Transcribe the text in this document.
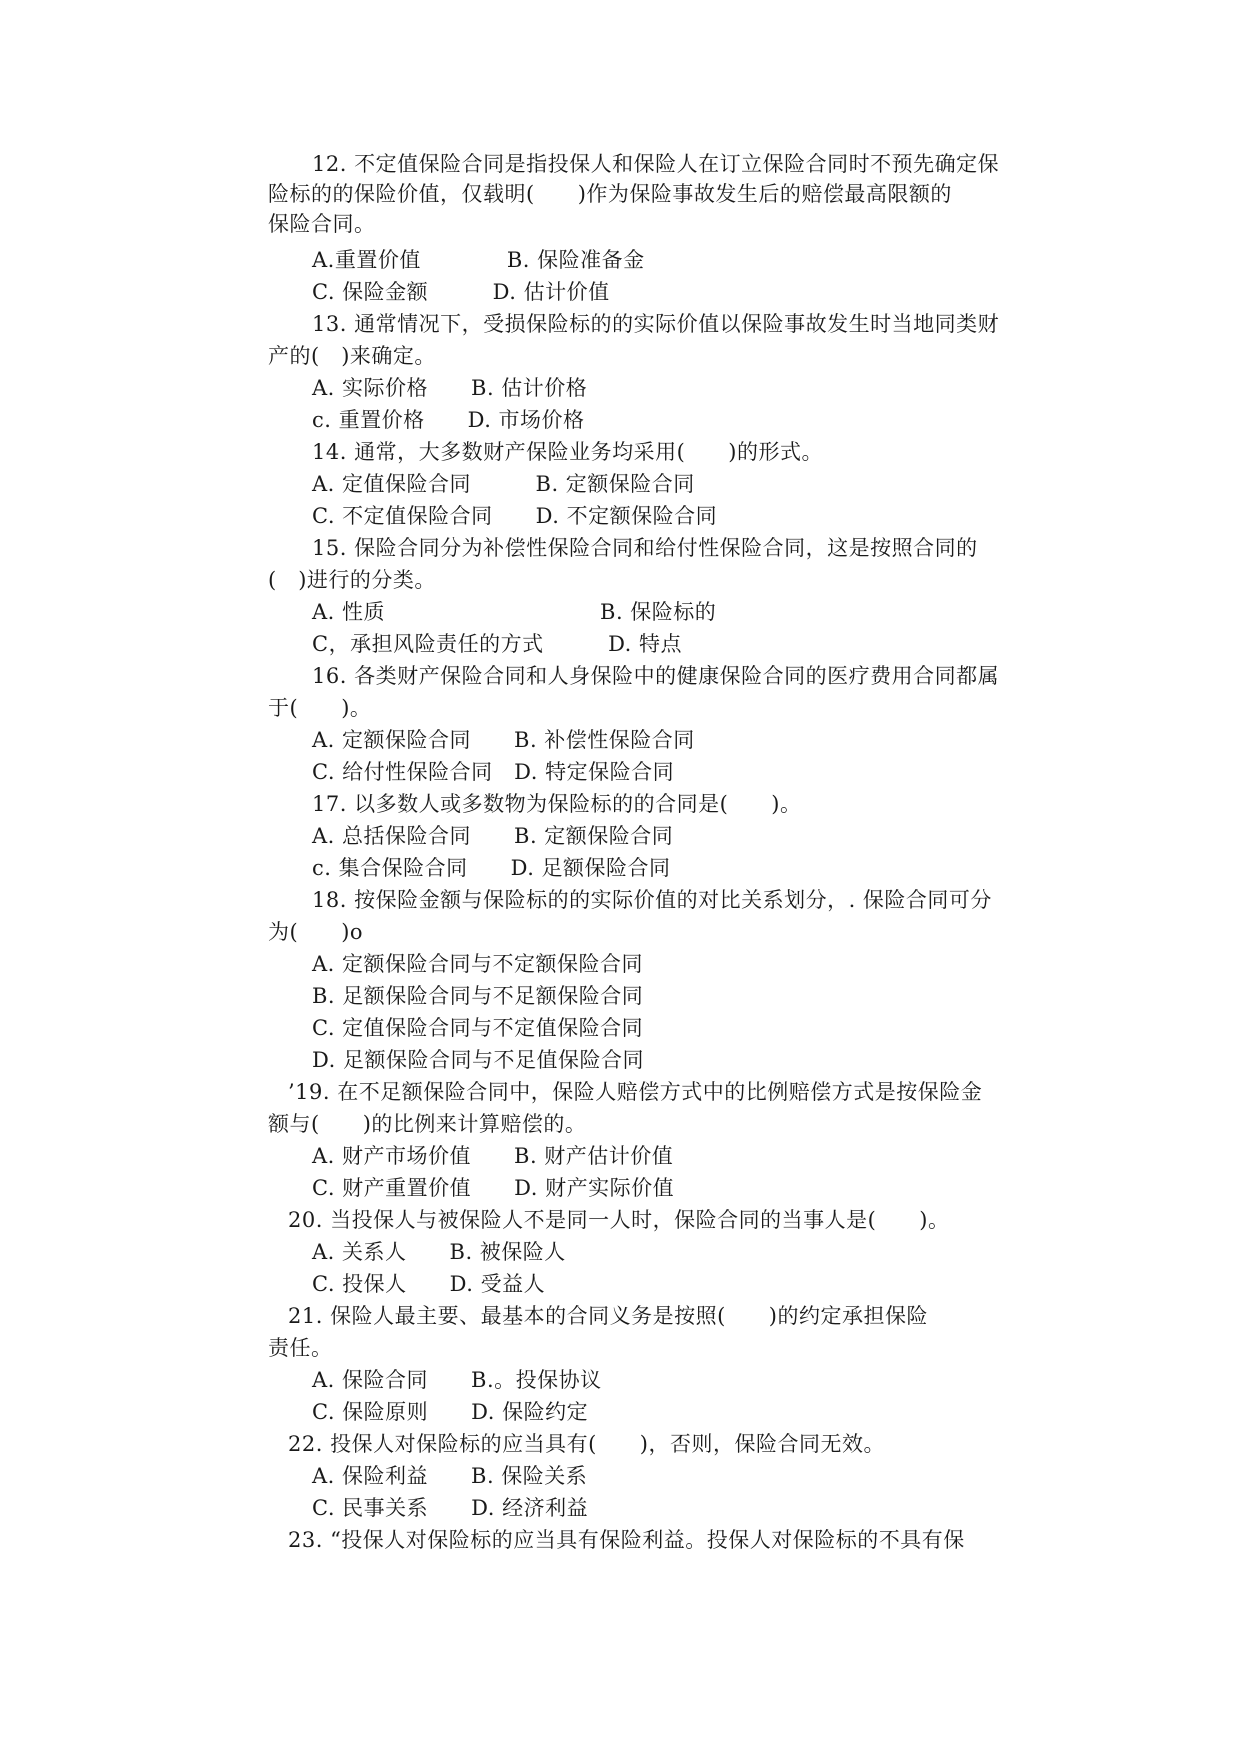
12. 不定值保险合同是指投保人和保险人在订立保险合同时不预先确定保
险标的的保险价值，仅载明(　　)作为保险事故发生后的赔偿最高限额的
保险合同。
A.重置价值　　　　B. 保险准备金
C. 保险金额　　　D. 估计价值
13. 通常情况下，受损保险标的的实际价值以保险事故发生时当地同类财
产的(　)来确定。
A. 实际价格　　B. 估计价格
c. 重置价格　　D. 市场价格
14. 通常，大多数财产保险业务均采用(　　)的形式。
A. 定值保险合同　　　B. 定额保险合同
C. 不定值保险合同　　D. 不定额保险合同
15. 保险合同分为补偿性保险合同和给付性保险合同，这是按照合同的
(　)进行的分类。
A. 性质　　　　　　　　　　B. 保险标的
C，承担风险责任的方式　　　D. 特点
16. 各类财产保险合同和人身保险中的健康保险合同的医疗费用合同都属
于(　　)。
A. 定额保险合同　　B. 补偿性保险合同
C. 给付性保险合同　D. 特定保险合同
17. 以多数人或多数物为保险标的的合同是(　　)。
A. 总括保险合同　　B. 定额保险合同
c. 集合保险合同　　D. 足额保险合同
18. 按保险金额与保险标的的实际价值的对比关系划分，. 保险合同可分
为(　　)o
A. 定额保险合同与不定额保险合同
B. 足额保险合同与不足额保险合同
C. 定值保险合同与不定值保险合同
D. 足额保险合同与不足值保险合同
’19. 在不足额保险合同中，保险人赔偿方式中的比例赔偿方式是按保险金
额与(　　)的比例来计算赔偿的。
A. 财产市场价值　　B. 财产估计价值
C. 财产重置价值　　D. 财产实际价值
20. 当投保人与被保险人不是同一人时，保险合同的当事人是(　　)。
A. 关系人　　B. 被保险人
C. 投保人　　D. 受益人
21. 保险人最主要、最基本的合同义务是按照(　　)的约定承担保险
责任。
A. 保险合同　　B.。投保协议
C. 保险原则　　D. 保险约定
22. 投保人对保险标的应当具有(　　)，否则，保险合同无效。
A. 保险利益　　B. 保险关系
C. 民事关系　　D. 经济利益
23. “投保人对保险标的应当具有保险利益。投保人对保险标的不具有保
